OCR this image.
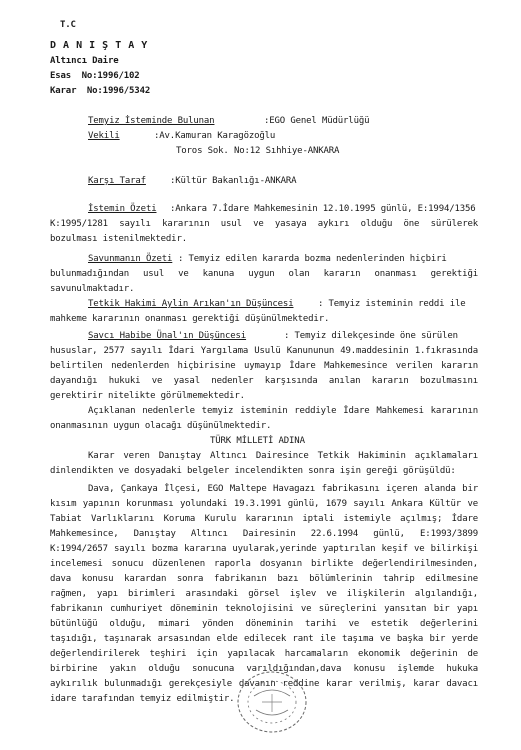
T.C
D A N I Ş T A Y
Altıncı Daire
Esas  No:1996/102
Karar  No:1996/5342
Temyiz İsteminde Bulunan	:EGO Genel Müdürlüğü
Vekili	:Av.Kamuran Karagözoğlu
Toros Sok. No:12 Sıhhiye-ANKARA
Karşı Taraf	:Kültür Bakanlığı-ANKARA
İstemin Özeti :Ankara 7.İdare Mahkemesinin 12.10.1995 günlü, E:1994/1356
K:1995/1281 sayılı kararının usul ve yasaya aykırı olduğu öne sürülerek
bozulması istenilmektedir.
Savunmanın Özeti : Temyiz edilen kararda bozma nedenlerinden hiçbiri
bulunmadığından usul ve kanuna uygun olan kararın onanması gerektiği
savunulmaktadır.
Tetkik Hakimi Aylin Arıkan'ın Düşüncesi	: Temyiz isteminin reddi ile
mahkeme kararının onanması gerektiği düşünülmektedir.
Savcı Habibe Ünal'ın Düşüncesi	: Temyiz dilekçesinde öne sürülen
hususlar, 2577 sayılı İdari Yargılama Usulü Kanununun 49.maddesinin 1.fıkrasında
belirtilen nedenlerden hiçbirisine uymayıp İdare Mahkemesince verilen kararın
dayandığı hukuki ve yasal nedenler karşısında anılan kararın bozulmasını
gerektirir nitelikte görülmemektedir.
Açıklanan nedenlerle temyiz isteminin reddiyle İdare Mahkemesi kararının
onanmasının uygun olacağı düşünülmektedir.
TÜRK MİLLETİ ADINA
Karar veren Danıştay Altıncı Dairesince Tetkik Hakiminin açıklamaları
dinlendikten ve dosyadaki belgeler incelendikten sonra işin gereği görüşüldü:
Dava, Çankaya İlçesi, EGO Maltepe Havagazı fabrikasını içeren alanda bir
kısım yapının korunması yolundaki 19.3.1991 günlü, 1679 sayılı Ankara Kültür ve
Tabiat Varlıklarını Koruma Kurulu kararının iptali istemiyle açılmış; İdare
Mahkemesince, Danıştay Altıncı Dairesinin 22.6.1994 günlü, E:1993/3899
K:1994/2657 sayılı bozma kararına uyularak,yerinde yaptırılan keşif ve bilirkişi
incelemesi sonucu düzenlenen raporla dosyanın birlikte değerlendirilmesinden,
dava konusu karardan sonra fabrikanın bazı bölümlerinin tahrip edilmesine
rağmen, yapı birimleri arasındaki görsel işlev ve ilişkilerin algılandığı,
fabrikanın cumhuriyet döneminin teknolojisini ve süreçlerini yansıtan bir yapı
bütünlüğü olduğu, mimari yönden döneminin tarihi ve estetik değerlerini
taşıdığı, taşınarak arsasından elde edilecek rant ile taşıma ve başka bir yerde
değerlendirilerek teşhiri için yapılacak harcamaların ekonomik değerinin de
birbirine yakın olduğu sonucuna varıldığından,dava konusu işlemde hukuka
aykırılık bulunmadığı gerekçesiyle davanın reddine karar verilmiş, karar davacı
idare tarafından temyiz edilmiştir.
